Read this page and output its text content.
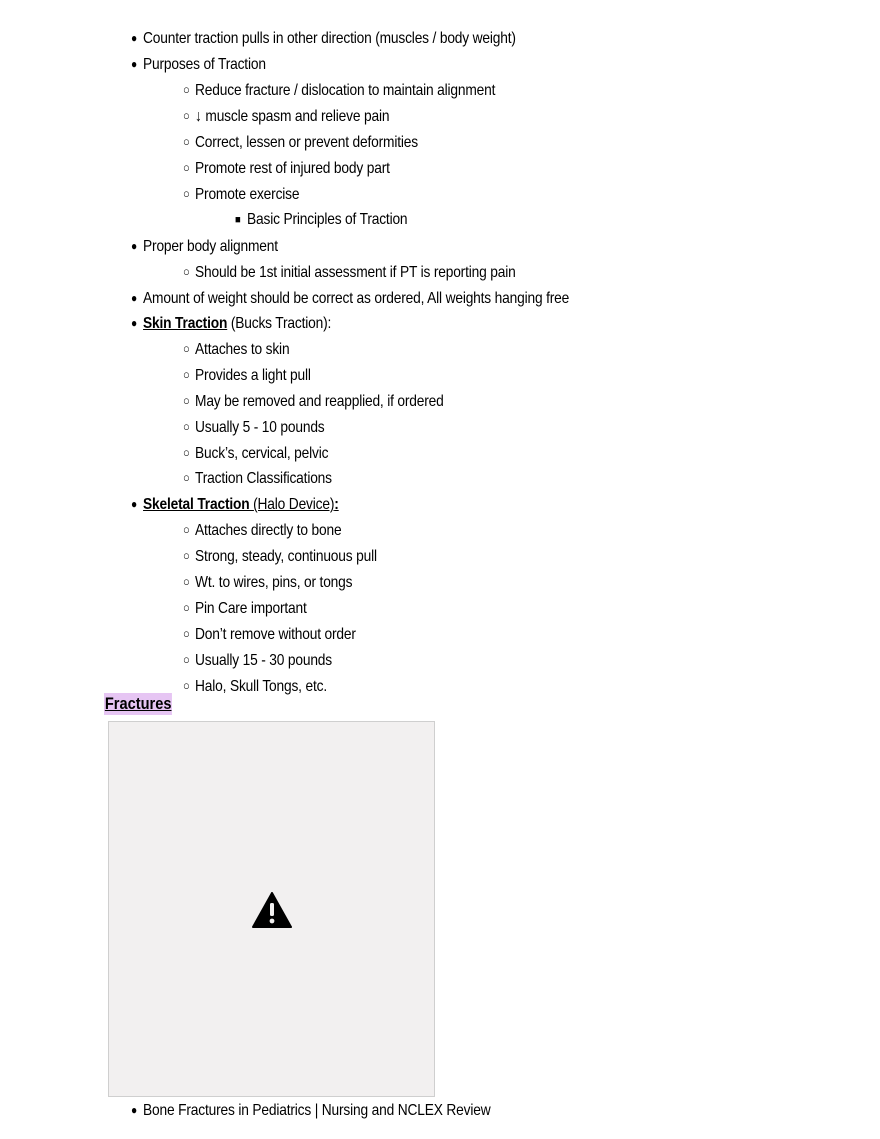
● Counter traction pulls in other direction (muscles / body weight)
● Purposes of Traction
○ Reduce fracture / dislocation to maintain alignment
○ ↓ muscle spasm and relieve pain
○ Correct, lessen or prevent deformities
○ Promote rest of injured body part
○ Promote exercise
■ Basic Principles of Traction
● Proper body alignment
○ Should be 1st initial assessment if PT is reporting pain
● Amount of weight should be correct as ordered, All weights hanging free
● Skin Traction (Bucks Traction):
○ Attaches to skin
○ Provides a light pull
○ May be removed and reapplied, if ordered
○ Usually 5 - 10 pounds
○ Buck’s, cervical, pelvic
○ Traction Classifications
● Skeletal Traction (Halo Device):
○ Attaches directly to bone
○ Strong, steady, continuous pull
○ Wt. to wires, pins, or tongs
○ Pin Care important
○ Don’t remove without order
○ Usually 15 - 30 pounds
○ Halo, Skull Tongs, etc.
Fractures
● Bone Fractures in Pediatrics | Nursing and NCLEX Review
